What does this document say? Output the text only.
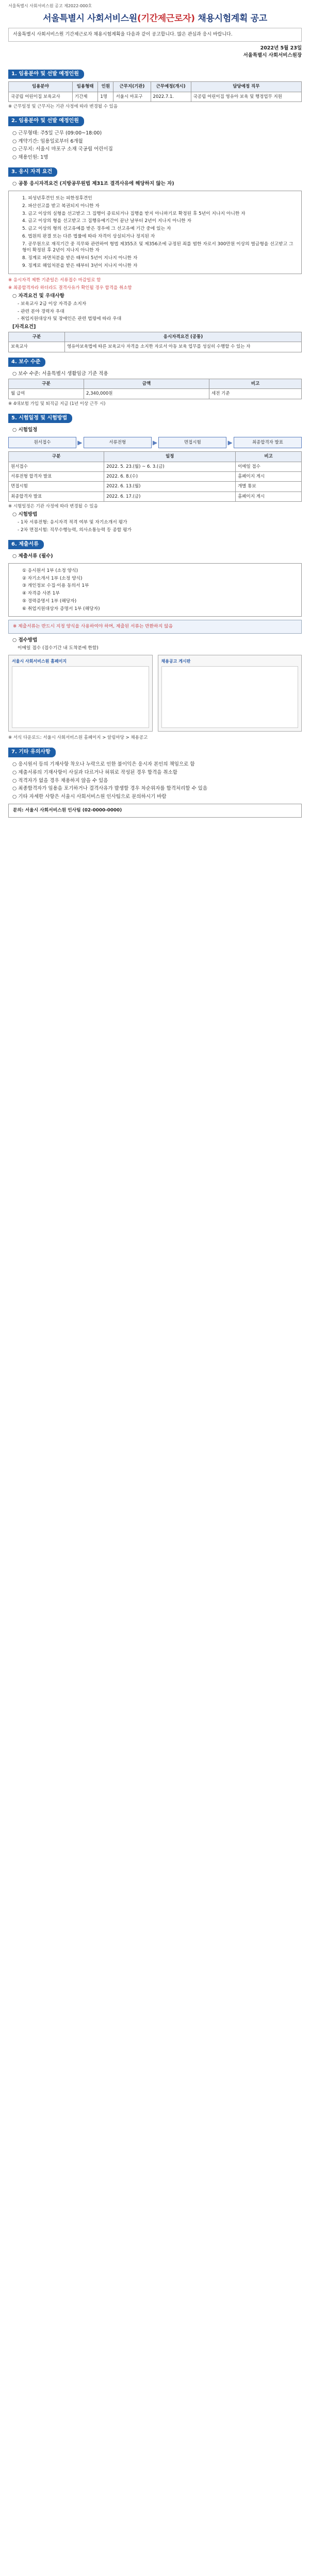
서울특별시 사회서비스원 공고 제2022-000호
서울특별시 사회서비스원(기간제근로자) 채용시험계획 공고
서울특별시 사회서비스원 기간제근로자 채용시험계획을 다음과 같이 공고합니다. 많은 관심과 응시 바랍니다.
2022년 5월 23일
서울특별시 사회서비스원장
1. 임용분야 및 선발 예정인원
임용분야	임용형태	인원	근무지(기관)	근무예정(개시)	담당예정 직무
국공립 어린이집 보육교사	기간제	1명	서울시 마포구	2022.7.1.	국공립 어린이집 영유아 보육 및 행정업무 지원
※ 근무일정 및 근무지는 기관 사정에 따라 변경될 수 있음
2. 임용분야 및 선발 예정인원
○ 근무형태: 주5일 근무 (09:00~18:00)
○ 계약기간: 임용일로부터 6개월
○ 근무지: 서울시 마포구 소재 국공립 어린이집
○ 채용인원: 1명
3. 응시 자격 요건
○ 공통 응시자격요건 (지방공무원법 제31조 결격사유에 해당하지 않는 자)
1. 피성년후견인 또는 피한정후견인
2. 파산선고를 받고 복권되지 아니한 자
3. 금고 이상의 실형을 선고받고 그 집행이 종료되거나 집행을 받지 아니하기로 확정된 후 5년이 지나지 아니한 자
4. 금고 이상의 형을 선고받고 그 집행유예기간이 끝난 날부터 2년이 지나지 아니한 자
5. 금고 이상의 형의 선고유예를 받은 경우에 그 선고유예 기간 중에 있는 자
6. 법원의 판결 또는 다른 법률에 따라 자격이 상실되거나 정지된 자
7. 공무원으로 재직기간 중 직무와 관련하여 형법 제355조 및 제356조에 규정된 죄를 범한 자로서 300만원 이상의 벌금형을 선고받고 그 형이 확정된 후 2년이 지나지 아니한 자
8. 징계로 파면처분을 받은 때부터 5년이 지나지 아니한 자
9. 징계로 해임처분을 받은 때부터 3년이 지나지 아니한 자
※ 응시자격 제한 기준일은 서류접수 마감일로 함
※ 최종합격자라 하더라도 결격사유가 확인될 경우 합격을 취소함
○ 자격요건 및 우대사항
- 보육교사 2급 이상 자격증 소지자
- 관련 분야 경력자 우대
- 취업지원대상자 및 장애인은 관련 법령에 따라 우대
[자격요건]
구분	응시자격요건 (공통)
보육교사	영유아보육법에 따른 보육교사 자격을 소지한 자로서 아동 보육 업무를 성실히 수행할 수 있는 자
4. 보수 수준
○ 보수 수준: 서울특별시 생활임금 기준 적용
구분	금액	비고
월 급여	2,340,000원	세전 기준
※ 4대보험 가입 및 퇴직금 지급 (1년 이상 근무 시)
5. 시험일정 및 시험방법
○ 시험일정
원서접수	▶	서류전형	▶	면접시험	▶	최종합격자 발표
구분	일정	비고
원서접수	2022. 5. 23.(월) ~ 6. 3.(금)	이메일 접수
서류전형 합격자 발표	2022. 6. 8.(수)	홈페이지 게시
면접시험	2022. 6. 13.(월)	개별 통보
최종합격자 발표	2022. 6. 17.(금)	홈페이지 게시
※ 시험일정은 기관 사정에 따라 변경될 수 있음
○ 시험방법
- 1차 서류전형: 응시자격 적격 여부 및 자기소개서 평가
- 2차 면접시험: 직무수행능력, 의사소통능력 등 종합 평가
6. 제출서류
○ 제출서류 (필수)
① 응시원서 1부 (소정 양식)
② 자기소개서 1부 (소정 양식)
③ 개인정보 수집·이용 동의서 1부
④ 자격증 사본 1부
⑤ 경력증명서 1부 (해당자)
⑥ 취업지원대상자 증명서 1부 (해당자)
※ 제출서류는 반드시 지정 양식을 사용하여야 하며, 제출된 서류는 반환하지 않음
○ 접수방법
이메일 접수 (접수기간 내 도착분에 한함)
서울시 사회서비스원 홈페이지	채용공고 게시판
※ 서식 다운로드: 서울시 사회서비스원 홈페이지 > 알림마당 > 채용공고
7. 기타 유의사항
○ 응시원서 등의 기재사항 착오나 누락으로 인한 불이익은 응시자 본인의 책임으로 함
○ 제출서류의 기재사항이 사실과 다르거나 허위로 작성된 경우 합격을 취소함
○ 적격자가 없을 경우 채용하지 않을 수 있음
○ 최종합격자가 임용을 포기하거나 결격사유가 발생할 경우 차순위자를 합격처리할 수 있음
○ 기타 자세한 사항은 서울시 사회서비스원 인사팀으로 문의하시기 바람
문의: 서울시 사회서비스원 인사팀 (02-0000-0000)
